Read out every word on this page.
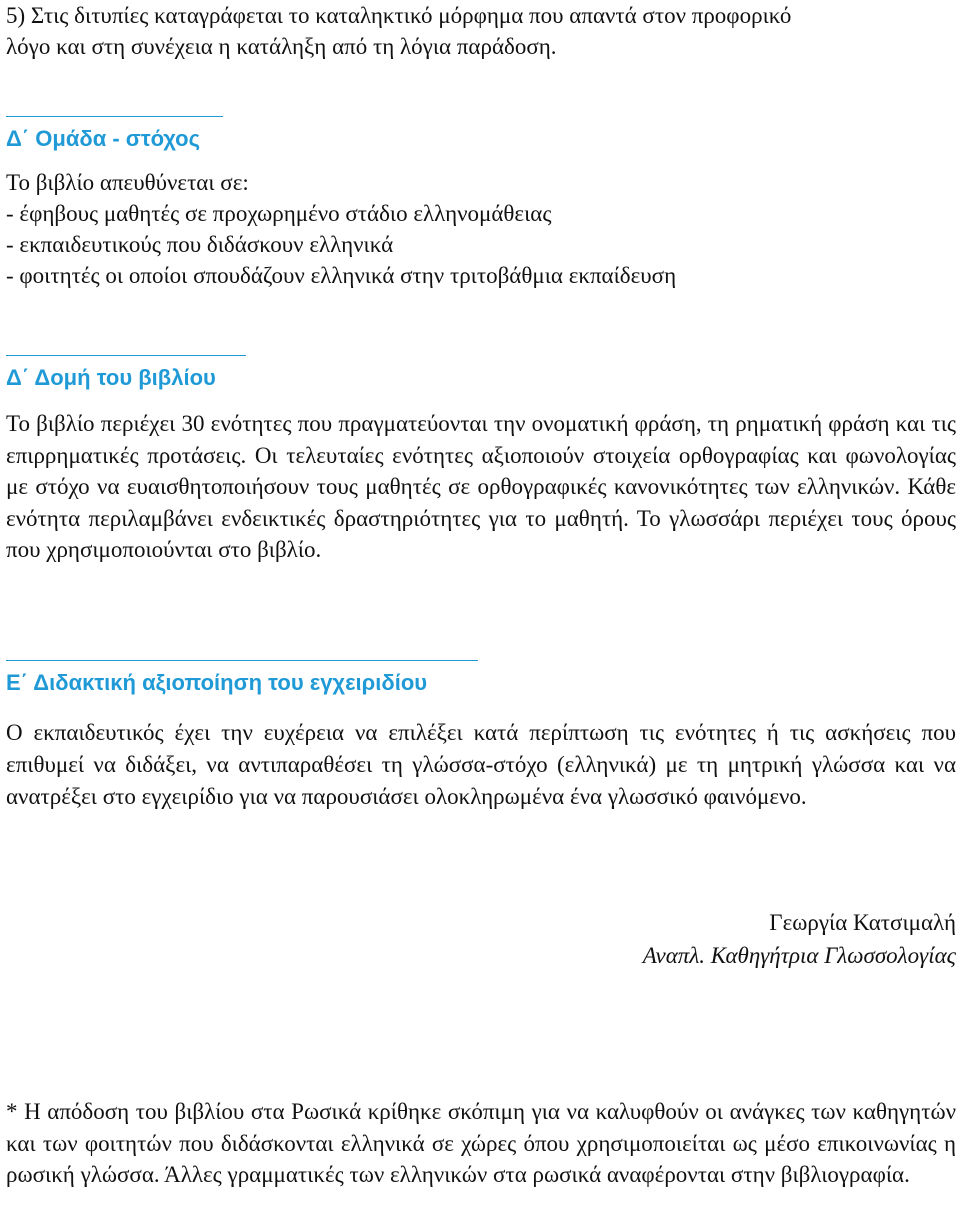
5) Στις διτυπίες καταγράφεται το καταληκτικό μόρφημα που απαντά στον προφορικό

λόγο και στη συνέχεια η κατάληξη από τη λόγια παράδοση.

Δ΄ Ομάδα - στόχος

Το βιβλίο απευθύνεται σε:

- έφηβους μαθητές σε προχωρημένο στάδιο ελληνομάθειας

- εκπαιδευτικούς που διδάσκουν ελληνικά

- φοιτητές οι οποίοι σπουδάζουν ελληνικά στην τριτοβάθμια εκπαίδευση

Δ΄ Δομή του βιβλίου

Το βιβλίο περιέχει 30 ενότητες που πραγματεύονται την ονοματική φράση, τη ρηματική φράση και τις επιρρηματικές προτάσεις. Οι τελευταίες ενότητες αξιοποιούν στοιχεία ορθογραφίας και φωνολογίας με στόχο να ευαισθητοποιήσουν τους μαθητές σε ορθογραφικές κανονικότητες των ελληνικών. Κάθε ενότητα περιλαμβάνει ενδεικτικές δραστηριότητες για το μαθητή. Το γλωσσάρι περιέχει τους όρους που χρησιμοποιούνται στο βιβλίο.

Ε΄ Διδακτική αξιοποίηση του εγχειριδίου

Ο εκπαιδευτικός έχει την ευχέρεια να επιλέξει κατά περίπτωση τις ενότητες ή τις ασκήσεις που επιθυμεί να διδάξει, να αντιπαραθέσει τη γλώσσα-στόχο (ελληνικά) με τη μητρική γλώσσα και να ανατρέξει στο εγχειρίδιο για να παρουσιάσει ολοκληρωμένα ένα γλωσσικό φαινόμενο.

Γεωργία Κατσιμαλή
Αναπλ. Καθηγήτρια Γλωσσολογίας

* Η απόδοση του βιβλίου στα Ρωσικά κρίθηκε σκόπιμη για να καλυφθούν οι ανάγκες των καθηγητών και των φοιτητών που διδάσκονται ελληνικά σε χώρες όπου χρησιμοποιείται ως μέσο επικοινωνίας η ρωσική γλώσσα. Άλλες γραμματικές των ελληνικών στα ρωσικά αναφέρονται στην βιβλιογραφία.
